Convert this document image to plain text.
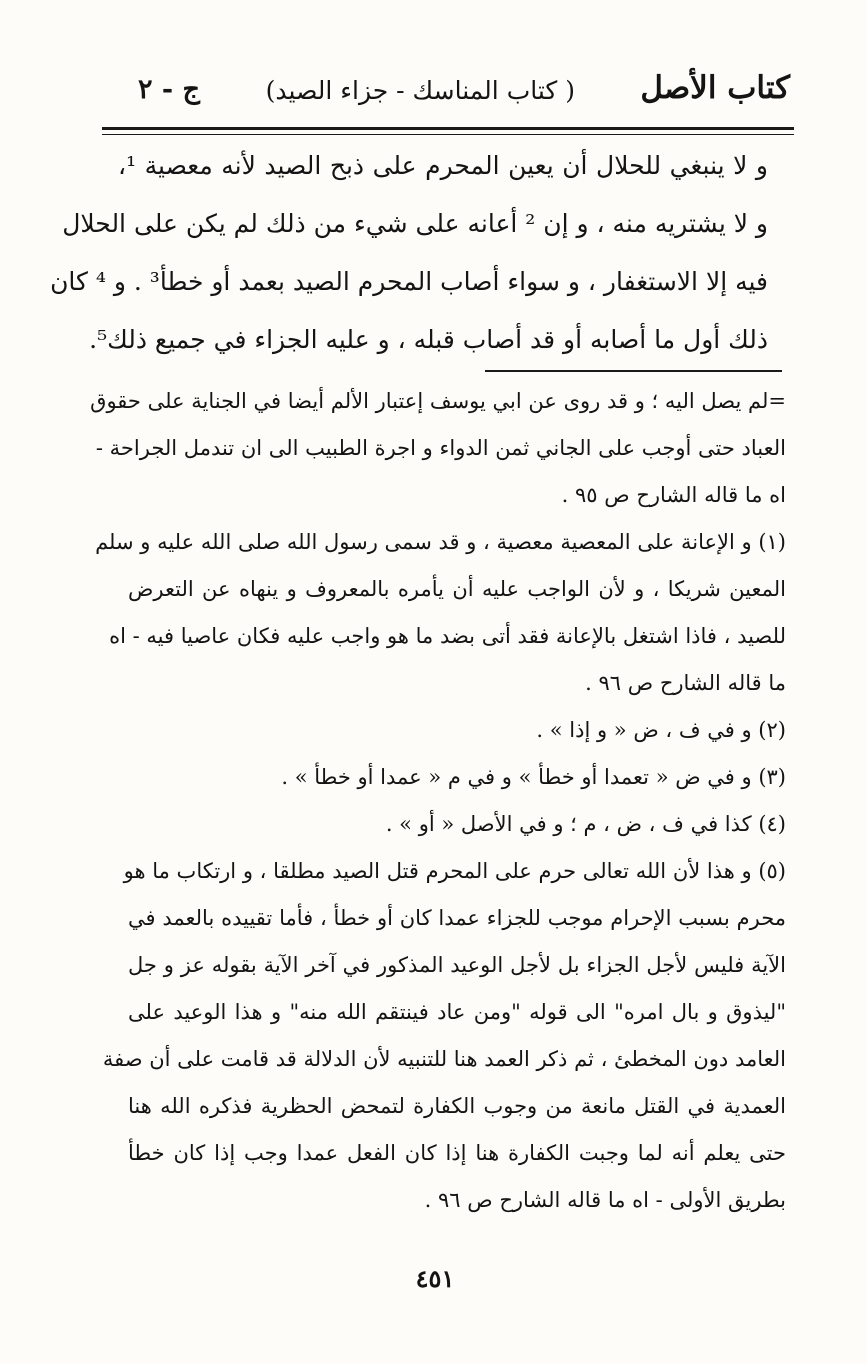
كتاب الأصل
( كتاب المناسك - جزاء الصيد)
ج - ٢
و لا ينبغي للحلال أن يعين المحرم على ذبح الصيد لأنه معصية ¹،
و لا يشتريه منه ، و إن ² أعانه على شيء من ذلك لم يكن على الحلال
فيه إلا الاستغفار ، و سواء أصاب المحرم الصيد بعمد أو خطأ³ . و ⁴ كان
ذلك أول ما أصابه أو قد أصاب قبله ، و عليه الجزاء في جميع ذلك⁵.
=لم يصل اليه ؛ و قد روى عن ابي يوسف إعتبار الألم أيضا في الجناية على حقوق
العباد حتى أوجب على الجاني ثمن الدواء و اجرة الطبيب الى ان تندمل الجراحة -
اه ما قاله الشارح ص ٩٥ .
(١) و الإعانة على المعصية معصية ، و قد سمى رسول الله صلى الله عليه و سلم
المعين شريكا ، و لأن الواجب عليه أن يأمره بالمعروف و ينهاه عن التعرض
للصيد ، فاذا اشتغل بالإعانة فقد أتى بضد ما هو واجب عليه فكان عاصيا فيه - اه
ما قاله الشارح ص ٩٦ .
(٢) و في ف ، ض « و إذا » .
(٣) و في ض « تعمدا أو خطأ » و في م « عمدا أو خطأ » .
(٤) كذا في ف ، ض ، م ؛ و في الأصل « أو » .
(٥) و هذا لأن الله تعالى حرم على المحرم قتل الصيد مطلقا ، و ارتكاب ما هو
محرم بسبب الإحرام موجب للجزاء عمدا كان أو خطأ ، فأما تقييده بالعمد في
الآية فليس لأجل الجزاء بل لأجل الوعيد المذكور في آخر الآية بقوله عز و جل
"ليذوق و بال امره" الى قوله "ومن عاد فينتقم الله منه" و هذا الوعيد على
العامد دون المخطئ ، ثم ذكر العمد هنا للتنبيه لأن الدلالة قد قامت على أن صفة
العمدية في القتل مانعة من وجوب الكفارة لتمحض الحظرية فذكره الله هنا
حتى يعلم أنه لما وجبت الكفارة هنا إذا كان الفعل عمدا وجب إذا كان خطأ
بطريق الأولى - اه ما قاله الشارح ص ٩٦ .
٤٥١
